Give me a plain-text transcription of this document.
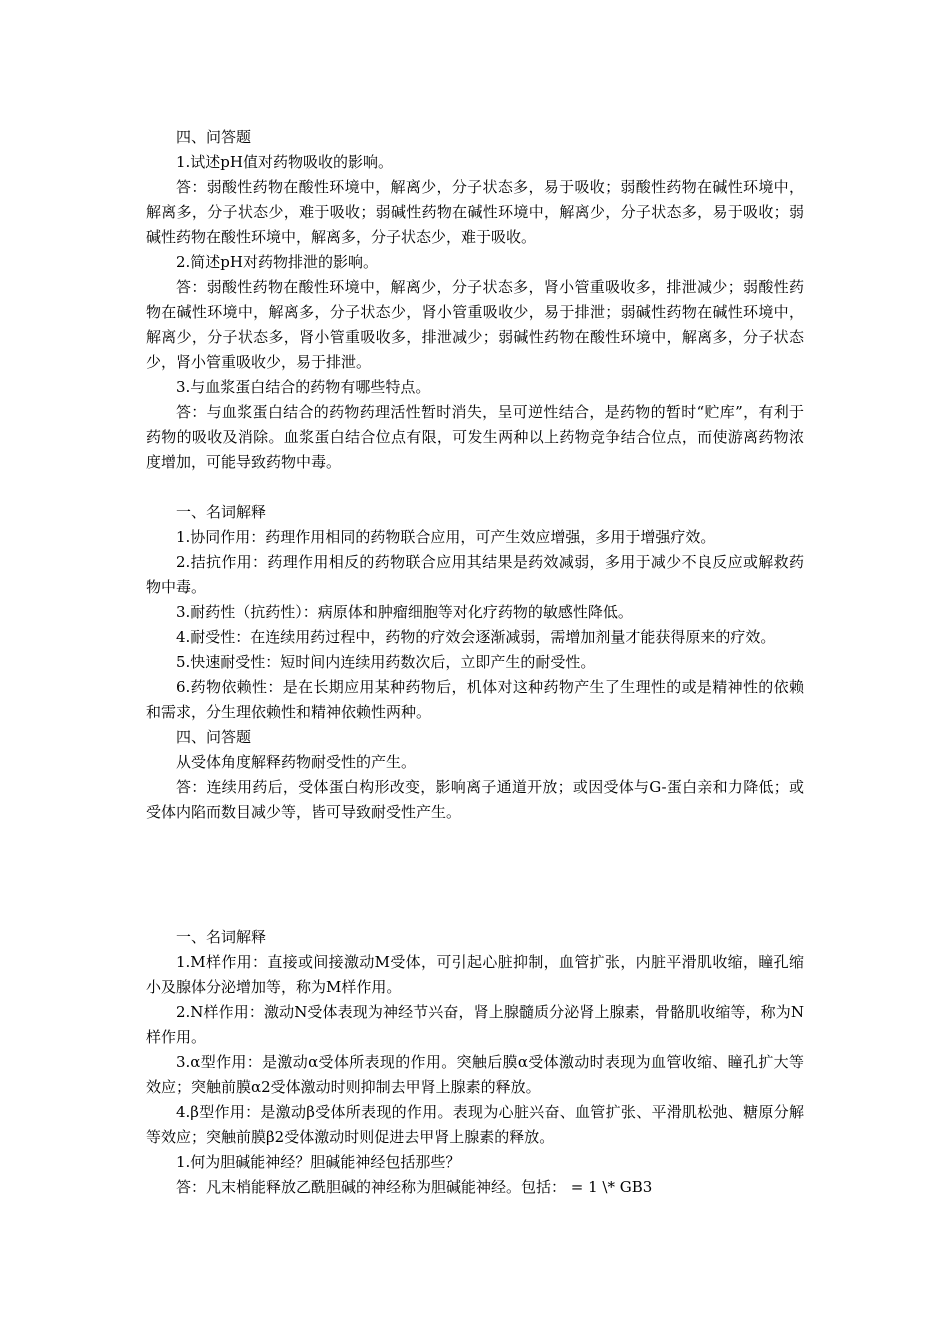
四、问答题

1.试述pH值对药物吸收的影响。

答：弱酸性药物在酸性环境中，解离少，分子状态多，易于吸收；弱酸性药物在碱性环境中，解离多，分子状态少，难于吸收；弱碱性药物在碱性环境中，解离少，分子状态多，易于吸收；弱碱性药物在酸性环境中，解离多，分子状态少，难于吸收。

2.简述pH对药物排泄的影响。

答：弱酸性药物在酸性环境中，解离少，分子状态多，肾小管重吸收多，排泄减少；弱酸性药物在碱性环境中，解离多，分子状态少，肾小管重吸收少，易于排泄；弱碱性药物在碱性环境中，解离少，分子状态多，肾小管重吸收多，排泄减少；弱碱性药物在酸性环境中，解离多，分子状态少，肾小管重吸收少，易于排泄。

3.与血浆蛋白结合的药物有哪些特点。

答：与血浆蛋白结合的药物药理活性暂时消失，呈可逆性结合，是药物的暂时“贮库”，有利于药物的吸收及消除。血浆蛋白结合位点有限，可发生两种以上药物竞争结合位点，而使游离药物浓度增加，可能导致药物中毒。

一、名词解释

1.协同作用：药理作用相同的药物联合应用，可产生效应增强，多用于增强疗效。

2.拮抗作用：药理作用相反的药物联合应用其结果是药效减弱，多用于减少不良反应或解救药物中毒。

3.耐药性（抗药性）：病原体和肿瘤细胞等对化疗药物的敏感性降低。

4.耐受性：在连续用药过程中，药物的疗效会逐渐减弱，需增加剂量才能获得原来的疗效。

5.快速耐受性：短时间内连续用药数次后，立即产生的耐受性。

6.药物依赖性：是在长期应用某种药物后，机体对这种药物产生了生理性的或是精神性的依赖和需求，分生理依赖性和精神依赖性两种。

四、问答题

从受体角度解释药物耐受性的产生。

答：连续用药后，受体蛋白构形改变，影响离子通道开放；或因受体与G-蛋白亲和力降低；或受体内陷而数目减少等，皆可导致耐受性产生。

一、名词解释

1.M样作用：直接或间接激动M受体，可引起心脏抑制，血管扩张，内脏平滑肌收缩，瞳孔缩小及腺体分泌增加等，称为M样作用。

2.N样作用：激动N受体表现为神经节兴奋，肾上腺髓质分泌肾上腺素，骨骼肌收缩等，称为N样作用。

3.α型作用：是激动α受体所表现的作用。突触后膜α受体激动时表现为血管收缩、瞳孔扩大等效应；突触前膜α2受体激动时则抑制去甲肾上腺素的释放。

4.β型作用：是激动β受体所表现的作用。表现为心脏兴奋、血管扩张、平滑肌松弛、糖原分解等效应；突触前膜β2受体激动时则促进去甲肾上腺素的释放。

1.何为胆碱能神经？胆碱能神经包括那些？

答：凡末梢能释放乙酰胆碱的神经称为胆碱能神经。包括： = 1 \* GB3
